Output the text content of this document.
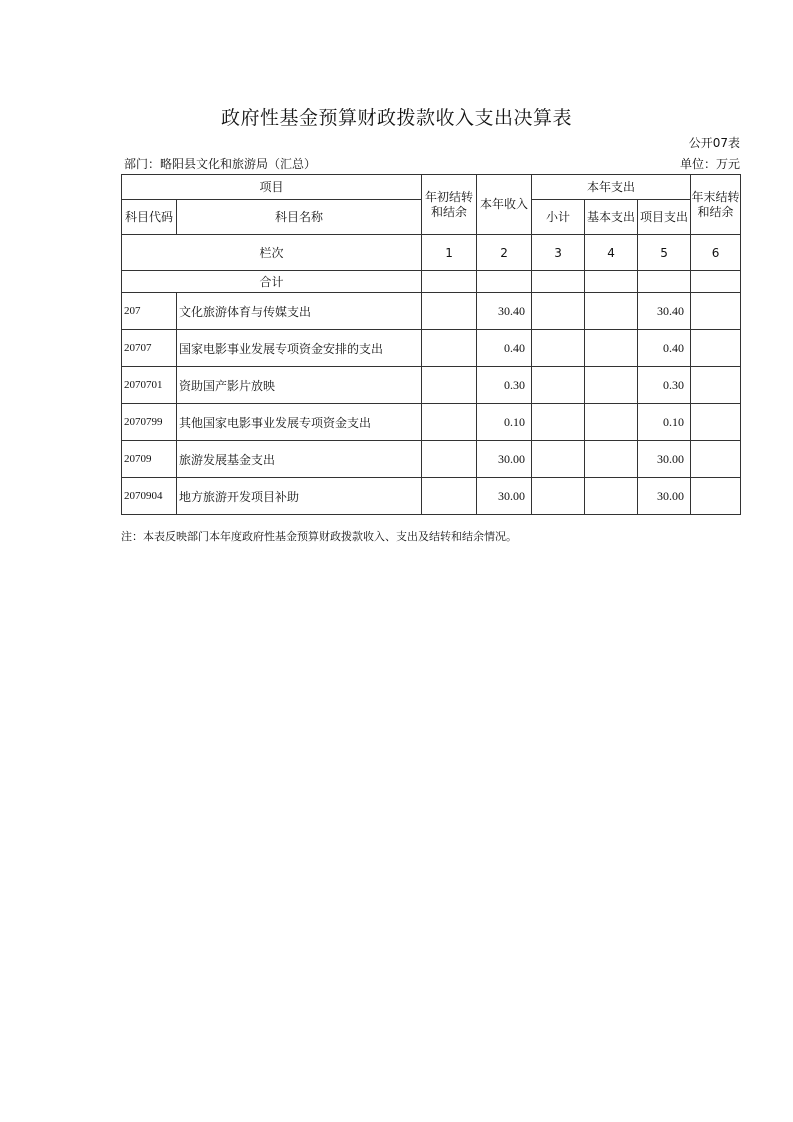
政府性基金预算财政拨款收入支出决算表
公开07表
部门：略阳县文化和旅游局（汇总）	单位：万元
项目		年初结转和结余	本年收入	本年支出			年末结转和结余
科目代码	科目名称			小计	基本支出	项目支出	
栏次		1	2	3	4	5	6
合计							
207	文化旅游体育与传媒支出		30.40			30.40	
20707	国家电影事业发展专项资金安排的支出		0.40			0.40	
2070701	资助国产影片放映		0.30			0.30	
2070799	其他国家电影事业发展专项资金支出		0.10			0.10	
20709	旅游发展基金支出		30.00			30.00	
2070904	地方旅游开发项目补助		30.00			30.00	
注：本表反映部门本年度政府性基金预算财政拨款收入、支出及结转和结余情况。
